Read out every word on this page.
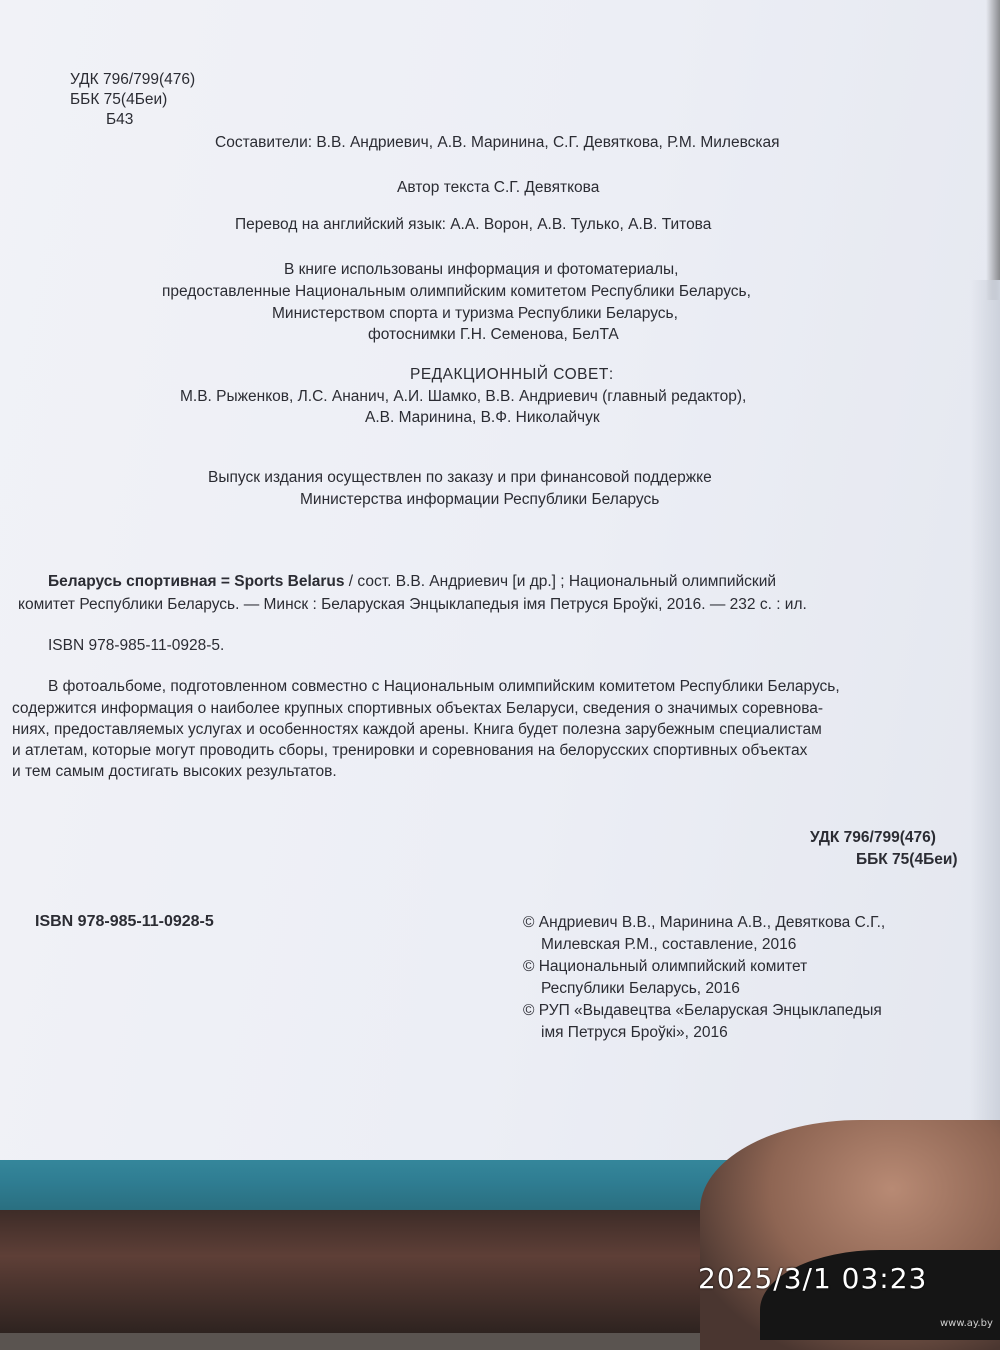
УДК 796/799(476)
ББК 75(4Беи)
Б43
Составители: В.В. Андриевич, А.В. Маринина, С.Г. Девяткова, Р.М. Милевская
Автор текста С.Г. Девяткова
Перевод на английский язык: А.А. Ворон, А.В. Тулько, А.В. Титова
В книге использованы информация и фотоматериалы,
предоставленные Национальным олимпийским комитетом Республики Беларусь,
Министерством спорта и туризма Республики Беларусь,
фотоснимки Г.Н. Семенова, БелТА
РЕДАКЦИОННЫЙ СОВЕТ:
М.В. Рыженков, Л.С. Ананич, А.И. Шамко, В.В. Андриевич (главный редактор),
А.В. Маринина, В.Ф. Николайчук
Выпуск издания осуществлен по заказу и при финансовой поддержке
Министерства информации Республики Беларусь
Беларусь спортивная = Sports Belarus / сост. В.В. Андриевич [и др.] ; Национальный олимпийский
комитет Республики Беларусь. — Минск : Беларуская Энцыклапедыя імя Петруся Броўкі, 2016. — 232 с. : ил.
ISBN 978-985-11-0928-5.
В фотоальбоме, подготовленном совместно с Национальным олимпийским комитетом Республики Беларусь,
содержится информация о наиболее крупных спортивных объектах Беларуси, сведения о значимых соревнова-
ниях, предоставляемых услугах и особенностях каждой арены. Книга будет полезна зарубежным специалистам
и атлетам, которые могут проводить сборы, тренировки и соревнования на белорусских спортивных объектах
и тем самым достигать высоких результатов.
УДК 796/799(476)
ББК 75(4Беи)
ISBN 978-985-11-0928-5	© Андриевич В.В., Маринина А.В., Девяткова С.Г.,
Милевская Р.М., составление, 2016
© Национальный олимпийский комитет
Республики Беларусь, 2016
© РУП «Выдавецтва «Беларуская Энцыклапедыя
імя Петруся Броўкі», 2016
2025/3/1 03:23
www.ay.by
